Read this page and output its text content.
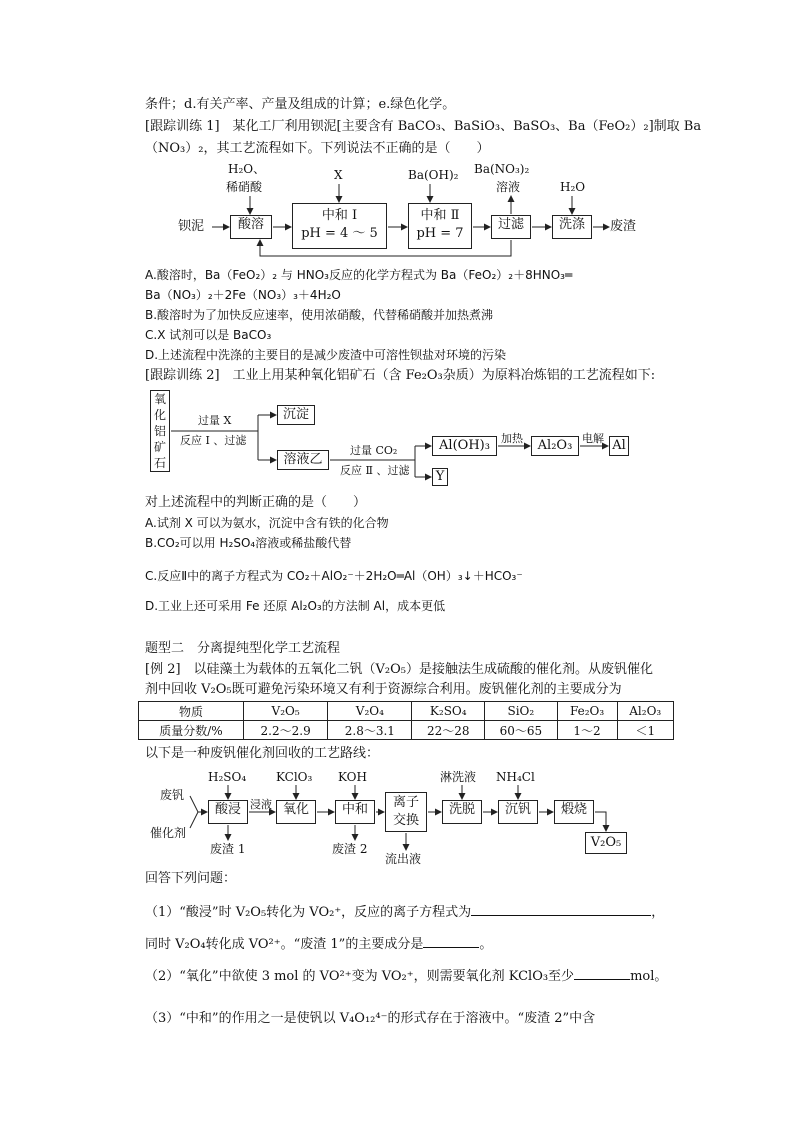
条件；d.有关产率、产量及组成的计算；e.绿色化学。
[跟踪训练 1]　某化工厂利用钡泥[主要含有 BaCO₃、BaSiO₃、BaSO₃、Ba（FeO₂）₂]制取 Ba
（NO₃）₂，其工艺流程如下。下列说法不正确的是（　　）
H₂O、
稀硝酸
X	Ba(OH)₂ Ba(NO₃)₂
溶液	H₂O
钡泥	酸溶
中和 Ⅰ
pH = 4 ～ 5
中和 Ⅱ
pH = 7
过滤	洗涤	废渣
A.酸溶时，Ba（FeO₂）₂ 与 HNO₃反应的化学方程式为 Ba（FeO₂）₂＋8HNO₃═
Ba（NO₃）₂＋2Fe（NO₃）₃＋4H₂O
B.酸溶时为了加快反应速率，使用浓硝酸，代替稀硝酸并加热煮沸
C.X 试剂可以是 BaCO₃
D.上述流程中洗涤的主要目的是减少废渣中可溶性钡盐对环境的污染
[跟踪训练 2]　工业上用某种氧化铝矿石（含 Fe₂O₃杂质）为原料冶炼铝的工艺流程如下:
氧
化
铝
矿
石
过量 X
反应 Ⅰ 、过滤
沉淀
溶液乙
过量 CO₂
反应 Ⅱ 、过滤
Al(OH)₃	加热	Al₂O₃ 电解 Al
Y
对上述流程中的判断正确的是（　　）
A.试剂 X 可以为氨水，沉淀中含有铁的化合物
B.CO₂可以用 H₂SO₄溶液或稀盐酸代替
C.反应Ⅱ中的离子方程式为 CO₂＋AlO₂⁻＋2H₂O═Al（OH）₃↓＋HCO₃⁻
D.工业上还可采用 Fe 还原 Al₂O₃的方法制 Al，成本更低
题型二　分离提纯型化学工艺流程
[例 2]　以硅藻土为载体的五氧化二钒（V₂O₅）是接触法生成硫酸的催化剂。从废钒催化
剂中回收 V₂O₅既可避免污染环境又有利于资源综合利用。废钒催化剂的主要成分为
物质	V₂O₅	V₂O₄	K₂SO₄	SiO₂	Fe₂O₃	Al₂O₃
质量分数/%	2.2～2.9	2.8～3.1	22～28	60～65	1～2	＜1
以下是一种废钒催化剂回收的工艺路线：
废钒
催化剂
H₂SO₄ KClO₃ KOH	淋洗液 NH₄Cl
酸浸 浸液 氧化	中和	离子
交换
洗脱	沉钒	煅烧
废渣 1	废渣 2
流出液
V₂O₅
回答下列问题：
（1）“酸浸”时 V₂O₅转化为 VO₂⁺，反应的离子方程式为	，
同时 V₂O₄转化成 VO²⁺。“废渣 1”的主要成分是	。
（2）“氧化”中欲使 3 mol 的 VO²⁺变为 VO₂⁺，则需要氧化剂 KClO₃至少	mol。
（3）“中和”的作用之一是使钒以 V₄O₁₂⁴⁻的形式存在于溶液中。“废渣 2”中含
